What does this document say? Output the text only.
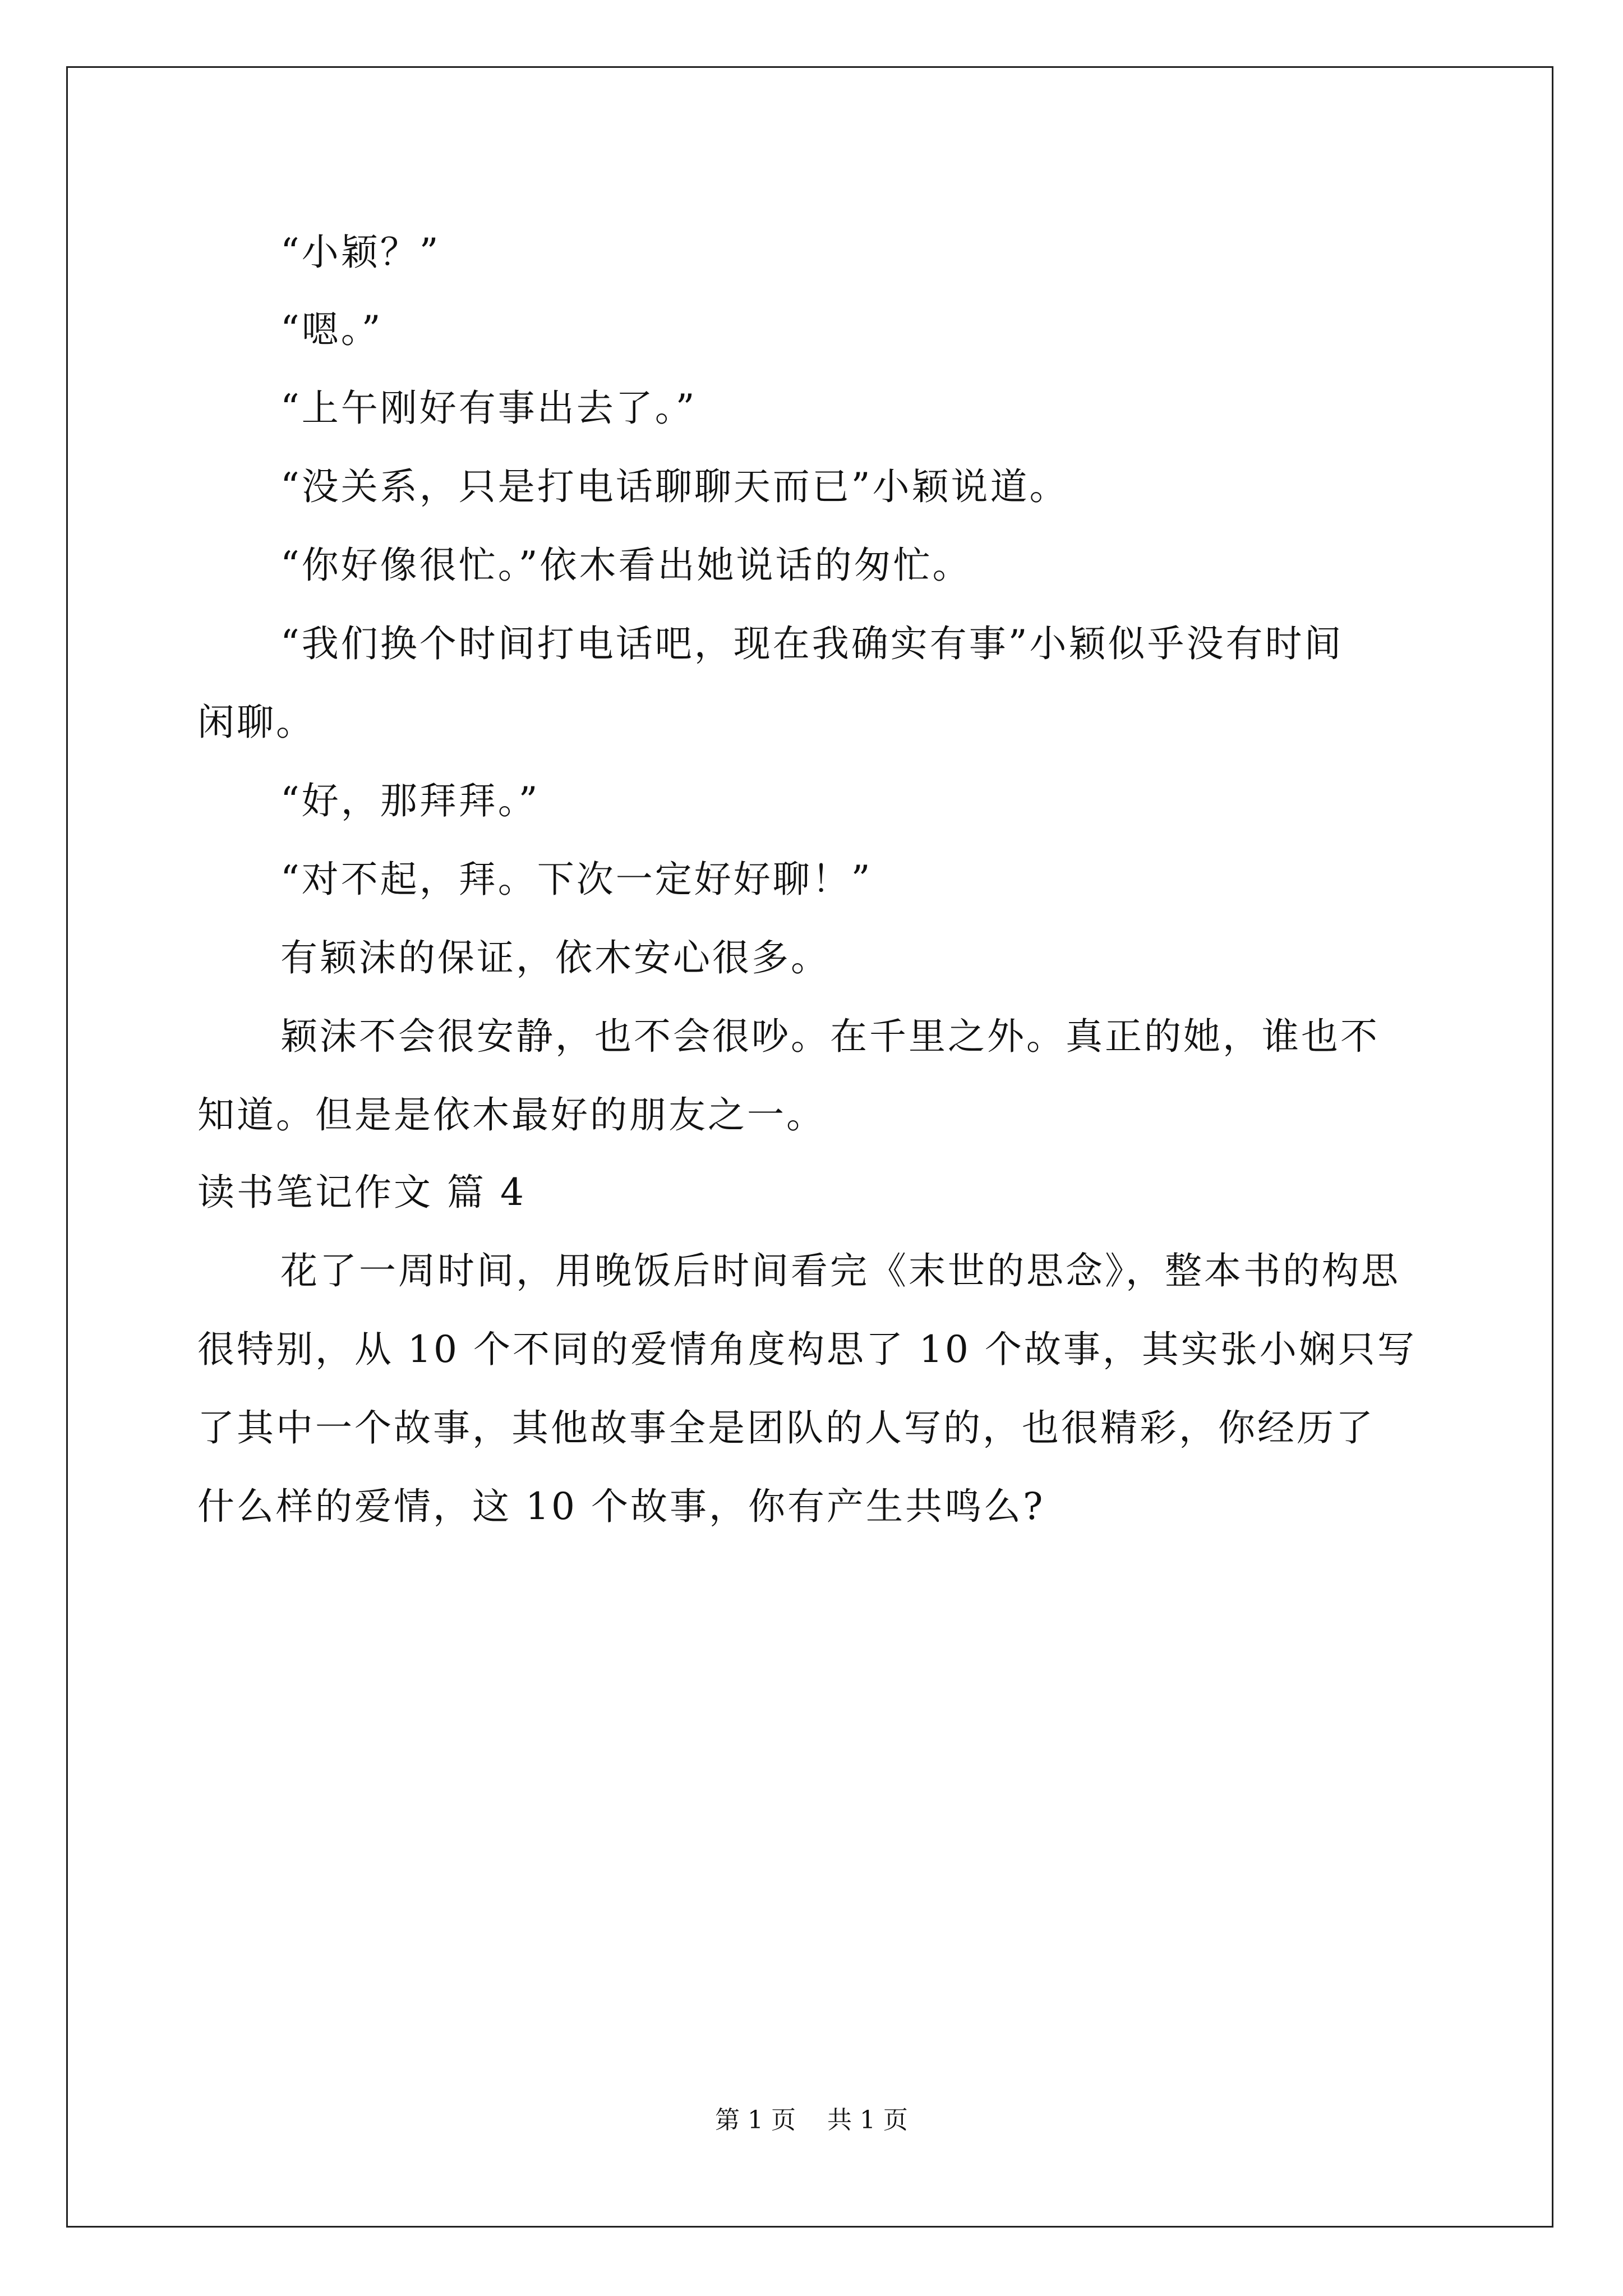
“小颖？”
“嗯。”
“上午刚好有事出去了。”
“没关系，只是打电话聊聊天而已”小颖说道。
“你好像很忙。”依木看出她说话的匆忙。
“我们换个时间打电话吧，现在我确实有事”小颖似乎没有时间
闲聊。
“好，那拜拜。”
“对不起，拜。下次一定好好聊！”
有颖沫的保证，依木安心很多。
颖沫不会很安静，也不会很吵。在千里之外。真正的她，谁也不
知道。但是是依木最好的朋友之一。
读书笔记作文 篇 4
花了一周时间，用晚饭后时间看完《末世的思念》，整本书的构思
很特别，从 10 个不同的爱情角度构思了 10 个故事，其实张小娴只写
了其中一个故事，其他故事全是团队的人写的，也很精彩，你经历了
什么样的爱情，这 10 个故事，你有产生共鸣么?
第 1 页    共 1 页
